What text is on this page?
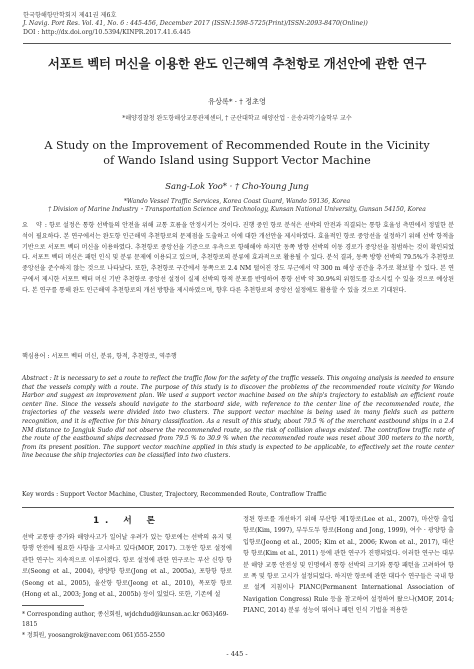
한국항해항만학회지 제41권 제6호
J. Navig. Port Res. Vol. 41, No. 6 : 445-456, December 2017 (ISSN:1598-5725(Print)/ISSN:2093-8470(Online))
DOI : http://dx.doi.org/10.5394/KINPR.2017.41.6.445
서포트 벡터 머신을 이용한 완도 인근해역 추천항로 개선안에 관한 연구
유상록* · † 정초영
*해양경찰청 완도항해상교통관제센터, † 군산대학교 해양산업 · 운송과학기술학부 교수
A Study on the Improvement of Recommended Route in the Vicinity of Wando Island using Support Vector Machine
Sang-Lok Yoo* · † Cho-Young Jung
*Wando Vessel Traffic Services, Korea Coast Guard, Wando 59136, Korea
† Division of Marine Industry ･ Transportation Science and Technology, Kunsan National University, Gunsan 54150, Korea
요 약: 항로 설정은 통항 선박들의 안전을 위해 교통 흐름을 안정시키는 것이다. 진행 중인 항로 분석은 선박의 안전과 직결되는 통항 효율성 측면에서 정밀한 분석이 필요하다. 본 연구에서는 완도항 인근해역 추천항로의 문제점을 도출하고 이에 대한 개선안을 제시하였다. 효율적인 항로 중앙선을 설정하기 위해 선박 항적을 기반으로 서포트 벡터 머신을 이용하였다. 추천항로 중앙선을 기준으로 우측으로 항해해야 하지만 동쪽 방향 선박의 이동 경로가 중앙선을 침범하는 것이 확인되었다. 서포트 벡터 머신은 패턴 인식 및 분류 문제에 이용되고 있으며, 추천항로의 분류에 효과적으로 활용될 수 있다. 분석 결과, 동쪽 방향 선박의 79.5%가 추천항로 중앙선을 준수하지 않는 것으로 나타났다. 또한, 추천항로 구간에서 동쪽으로 2.4 NM 떨어진 장도 부근에서 약 300 m 해상 공간을 추가로 확보할 수 있다. 본 연구에서 제시한 서포트 벡터 머신 기반 추천항로 중앙선 설정이 실제 선박의 항적 분포를 반영하여 통항 선박 약 30.9%의 위험도를 감소시킬 수 있을 것으로 예상된다. 본 연구를 통해 완도 인근해역 추천항로의 개선 방향을 제시하였으며, 향후 다른 추천항로의 중앙선 설정에도 활용할 수 있을 것으로 기대된다.
핵심용어 : 서포트 벡터 머신, 분류, 항적, 추천항로, 역주행
Abstract : It is necessary to set a route to reflect the traffic flow for the safety of the traffic vessels. This ongoing analysis is needed to ensure that the vessels comply with a route. The purpose of this study is to discover the problems of the recommended route vicinity for Wando Harbor and suggest an improvement plan. We used a support vector machine based on the ship's trajectory to establish an efficient route center line. Since the vessels should navigate to the starboard side, with reference to the center line of the recommended route, the trajectories of the vessels were divided into two clusters. The support vector machine is being used in many fields such as pattern recognition, and it is effective for this binary classification. As a result of this study, about 79.5 % of the merchant eastbound ships in a 2.4 NM distance to Jangjuk Sudo did not observe the recommended route, so the risk of collision always existed. The contraflow traffic rate of the route of the eastbound ships decreased from 79.5 % to 30.9 % when the recommended route was reset about 300 meters to the north, from its present position. The support vector machine applied in this study is expected to be applicable, to effectively set the route center line because the ship trajectories can be classified into two clusters.
Key words : Support Vector Machine, Cluster, Trajectory, Recommended Route, Contraflow Traffic
1. 서 론
선박 교통량 증가와 해양사고가 일어날 우려가 있는 항로에는 선박의 유지 및 항행 안전에 필요한 사항을 고시하고 있다(MOF, 2017). 그동안 항로 설정에 관한 연구는 지속적으로 이루어졌다. 항로 설정에 관한 연구로는 부산 신항 항로(Seong et al., 2004), 광양항 항로(Jong et al., 2005a), 포항항 항로(Seong et al., 2005), 울산항 항로(Jeong et al., 2010), 목포항 항로(Hong et al., 2003; Jong et al., 2005b) 등이 있었다. 또한, 기존에 설
정된 항로를 개선하기 위해 부산항 제1항로(Lee et al., 2007), 마산항 출입 항로(Kim, 1997), 부두도두 항로(Hong and Jong, 1999), 여수 · 광양항 출입항로(Jeong et al., 2005; Kim et al., 2006; Kwon et al., 2017), 대산항 항로(Kim et al., 2011) 등에 관한 연구가 진행되었다. 이러한 연구는 대부분 해양 교통 안전성 및 인명에서 통항 선박의 크기와 통항 패턴을 고려하여 항로 폭 및 항로 고시가 설정되었다. 하지만 항로에 관한 대다수 연구들은 국내 항로 설계 지침이나 PIANC(Permanent International Association of Navigation Congress) Rule 등을 참고하여 설정하여 왔으나(MOF, 2014; PIANC, 2014) 분류 성능이 뛰어나 패턴 인식 기법을 적용한
* Corresponding author, 종신회원, wjdchdud@kunsan.ac.kr 063)469-1815
* 정회원, yoosangrok@naver.com 061)555-2550
- 445 -
